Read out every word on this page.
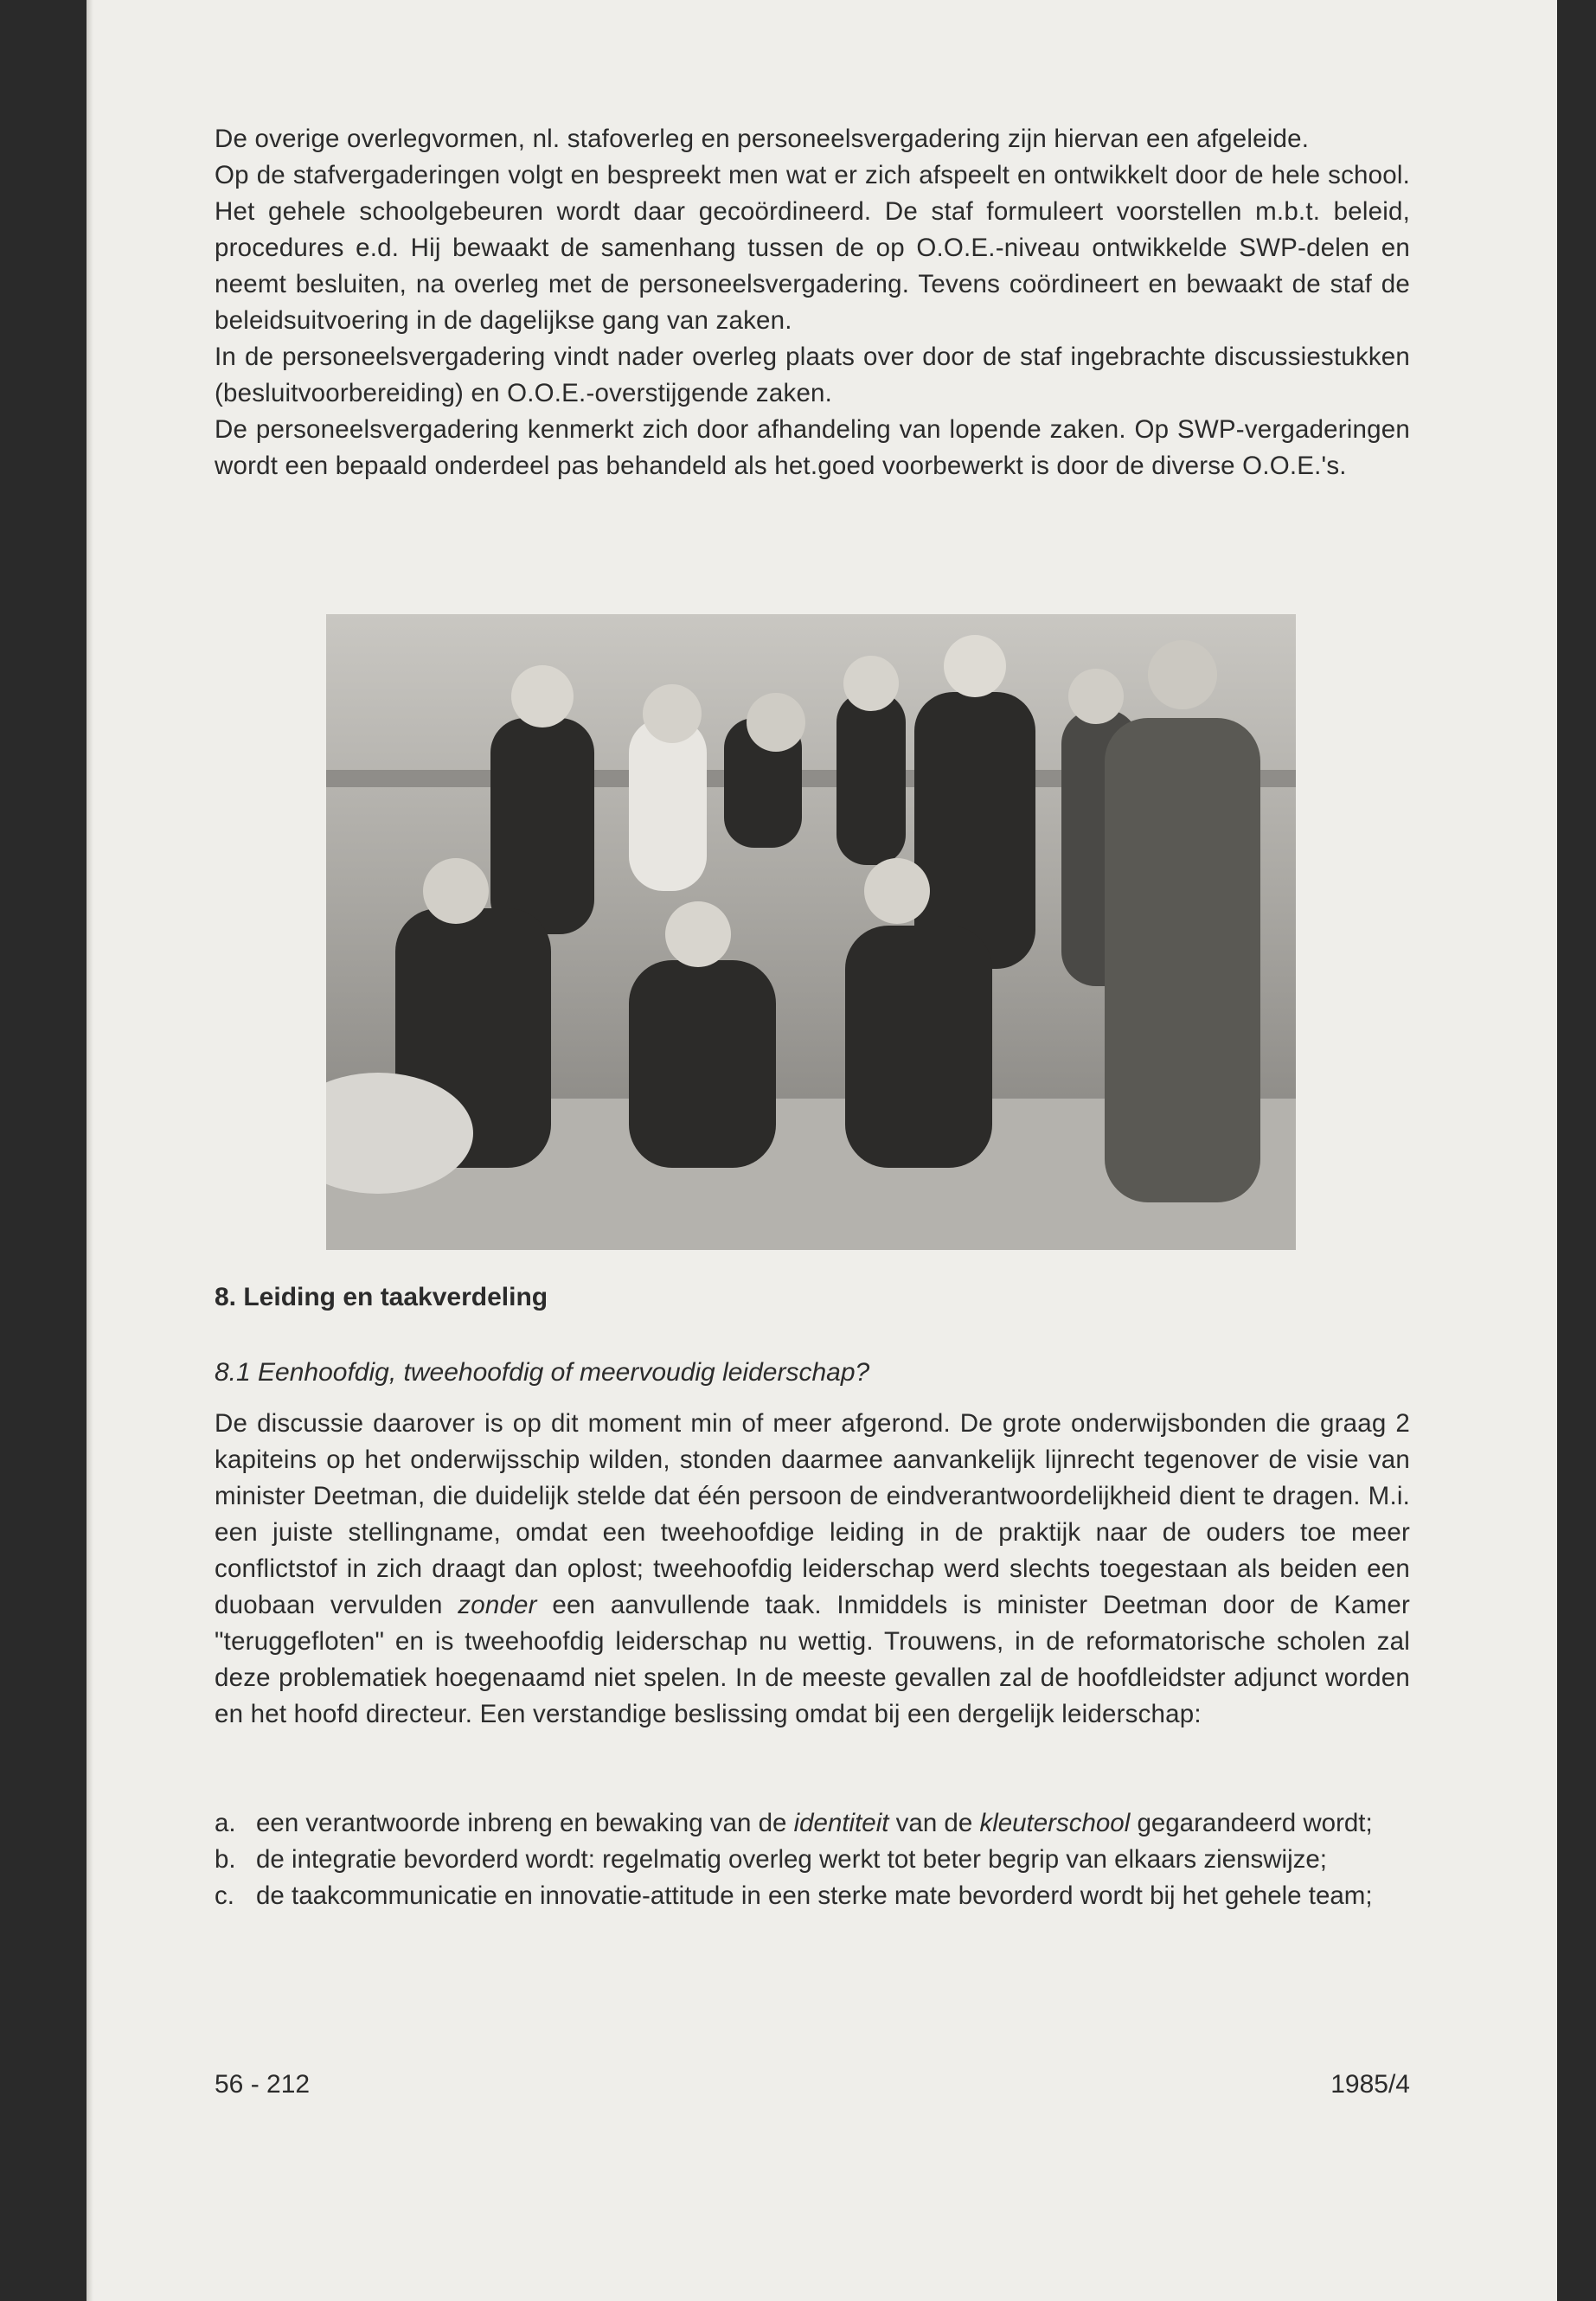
De overige overlegvormen, nl. stafoverleg en personeelsvergadering zijn hiervan een afgeleide.

Op de stafvergaderingen volgt en bespreekt men wat er zich afspeelt en ontwikkelt door de hele school. Het gehele schoolgebeuren wordt daar gecoördineerd. De staf formuleert voorstellen m.b.t. beleid, procedures e.d. Hij bewaakt de samenhang tussen de op O.O.E.-niveau ontwikkelde SWP-delen en neemt besluiten, na overleg met de personeelsvergadering. Tevens coördineert en bewaakt de staf de beleidsuitvoering in de dagelijkse gang van zaken.

In de personeelsvergadering vindt nader overleg plaats over door de staf ingebrachte discussiestukken (besluitvoorbereiding) en O.O.E.-overstijgende zaken.

De personeelsvergadering kenmerkt zich door afhandeling van lopende zaken. Op SWP-vergaderingen wordt een bepaald onderdeel pas behandeld als het.goed voorbewerkt is door de diverse O.O.E.'s.

8. Leiding en taakverdeling
8.1 Eenhoofdig, tweehoofdig of meervoudig leiderschap?

De discussie daarover is op dit moment min of meer afgerond. De grote onderwijsbonden die graag 2 kapiteins op het onderwijsschip wilden, stonden daarmee aanvankelijk lijnrecht tegenover de visie van minister Deetman, die duidelijk stelde dat één persoon de eindverantwoordelijkheid dient te dragen. M.i. een juiste stellingname, omdat een tweehoofdige leiding in de praktijk naar de ouders toe meer conflictstof in zich draagt dan oplost; tweehoofdig leiderschap werd slechts toegestaan als beiden een duobaan vervulden zonder een aanvullende taak. Inmiddels is minister Deetman door de Kamer "teruggefloten" en is tweehoofdig leiderschap nu wettig. Trouwens, in de reformatorische scholen zal deze problematiek hoegenaamd niet spelen. In de meeste gevallen zal de hoofdleidster adjunct worden en het hoofd directeur. Een verstandige beslissing omdat bij een dergelijk leiderschap:

a. een verantwoorde inbreng en bewaking van de identiteit van de kleuterschool gegarandeerd wordt;
b. de integratie bevorderd wordt: regelmatig overleg werkt tot beter begrip van elkaars zienswijze;
c. de taakcommunicatie en innovatie-attitude in een sterke mate bevorderd wordt bij het gehele team;
56 - 212	1985/4
